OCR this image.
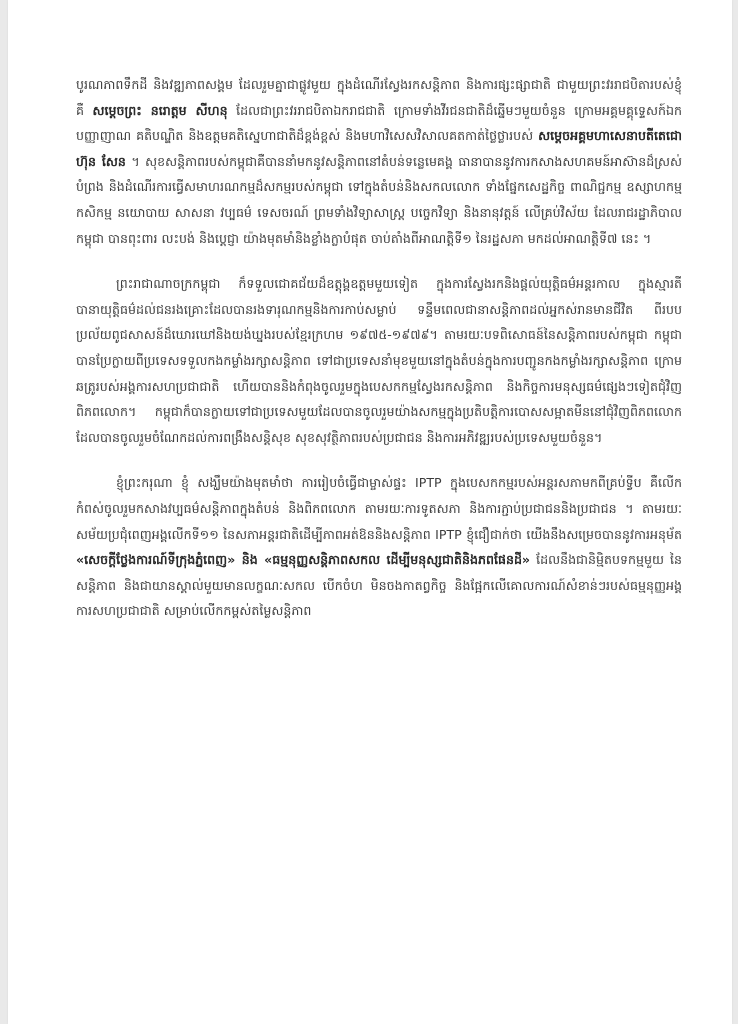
បូរណភាពទឹកដី និងវឌ្ឍភាពសង្គម ដែលរួមគ្នាជាផ្លូវមួយ ក្នុងដំណើរស្វែងរកសន្តិភាព និងការផ្សះផ្សាជាតិ ជាមួយព្រះវររាជបិតារបស់ខ្ញុំ គឺ សម្តេចព្រះ នរោត្តម សីហនុ ដែលជាព្រះវររាជបិតាឯករាជជាតិ ក្រោមទាំងវីរជនជាតិដ៏ឆ្នើមៗមួយចំនួន ក្រោមអគ្គមគ្គុទ្ទេសក៍ឯកបញ្ញាញាណ គតិបណ្ឌិត និងឧត្តមគតិស្នេហាជាតិដ៏ខ្ពង់ខ្ពស់ និងមហាវិសេសវិសាលគតកាត់ថ្លៃថ្លារបស់ សម្តេចអគ្គមហាសេនាបតីតេជោ ហ៊ុន សែន ។ សុខសន្តិភាពរបស់កម្ពុជាគឺបាននាំមកនូវសន្តិភាពនៅតំបន់ទន្លេមេគង្គ ធានាបាននូវការកសាងសហគមន៍អាស៊ានដ៏ស្រស់បំព្រង និងដំណើរការធ្វើសមាហរណកម្មដ៏សកម្មរបស់កម្ពុជា ទៅក្នុងតំបន់និងសកលលោក ទាំងផ្នែកសេដ្ឋកិច្ច ពាណិជ្ជកម្ម ឧស្សាហកម្ម កសិកម្ម នយោបាយ សាសនា វប្បធម៌ ទេសចរណ៍ ព្រមទាំងវិទ្យាសាស្ត្រ បច្ចេកវិទ្យា និងនានុវត្តន៍ លើគ្រប់វិស័យ ដែលរាជរដ្ឋាភិបាលកម្ពុជា បានពុះពារ លះបង់ និងប្តេជ្ញា យ៉ាងមុតមាំនិងខ្លាំងក្លាបំផុត ចាប់តាំងពីអាណត្តិទី១ នៃរដ្ឋសភា មកដល់អាណត្តិទី៧ នេះ ។

ព្រះរាជាណាចក្រកម្ពុជា ក៏ទទួលជោគជ័យដ៏ឧត្តុង្គឧត្តមមួយទៀត ក្នុងការស្វែងរកនិងផ្តល់យុត្តិធម៌អន្តរកាល ក្នុងស្មារតីបានាយុត្តិធម៌ដល់ជនរងគ្រោះដែលបានរងទារុណកម្មនិងការកាប់សម្លាប់ ទន្ទឹមពេលជានាសន្តិភាពដល់អ្នកស់រានមានជីវិត ពីរបបប្រល័យពូជសាសន៍ដ៏ឃោរឃៅនិងយង់ឃ្នងរបស់ខ្មែរក្រហម ១៩៧៥-១៩៧៩។ តាមរយៈបទពិសោធន៍នៃសន្តិភាពរបស់កម្ពុជា កម្ពុជាបានប្រែក្លាយពីប្រទេសទទួលកងកម្លាំងរក្សាសន្តិភាព ទៅជាប្រទេសនាំមុខមួយនៅក្នុងតំបន់ក្នុងការបញ្ជូនកងកម្លាំងរក្សាសន្តិភាព ក្រោមឆត្រូរបស់អង្គការសហប្រជាជាតិ ហើយបាននិងកំពុងចូលរួមក្នុងបេសកកម្មស្វែងរកសន្តិភាព និងកិច្ចការមនុស្សធម៌ផ្សេងៗទៀតជុំវិញពិភពលោក។ កម្ពុជាក៏បានក្លាយទៅជាប្រទេសមួយដែលបានចូលរួមយ៉ាងសកម្មក្នុងប្រតិបត្តិការបោសសម្អាតមីននៅជុំវិញពិភពលោក ដែលបានចូលរួមចំណែកដល់ការពង្រឹងសន្តិសុខ សុខសុវត្ថិភាពរបស់ប្រជាជន និងការអភិវឌ្ឍរបស់ប្រទេសមួយចំនួន។

ខ្ញុំព្រះករុណា ខ្ញុំ សង្ឃឹមយ៉ាងមុតមាំថា ការរៀបចំធ្វើជាម្ចាស់ផ្ទះ IPTP ក្នុងបេសកកម្មរបស់អន្តរសភាមកពីគ្រប់ទ្វីប គឺលើកកំពស់ចូលរួមកសាងវប្បធម៌សន្តិភាពក្នុងតំបន់ និងពិភពលោក តាមរយៈការទូតសភា និងការភ្ជាប់ប្រជាជននិងប្រជាជន ។ តាមរយៈសម័យប្រជុំពេញអង្គលើកទី១១ នៃសភាអន្តរជាតិដើម្បីភាពអត់ឱននិងសន្តិភាព IPTP ខ្ញុំជឿជាក់ថា យើងនឹងសម្រេចបាននូវការអនុម័ត «សេចក្តីថ្លែងការណ៍ទីក្រុងភ្នំពេញ» និង «ធម្មនុញ្ញសន្តិភាពសកល ដើម្បីមនុស្សជាតិនិងភពផែនដី» ដែលនឹងជានិម្មិតបទកម្មមួយ នៃសន្តិភាព និងជាយានស្គាល់មួយមានលក្ខណៈសកល បើកចំហ មិនចងកាតព្វកិច្ច និងផ្អែកលើគោលការណ៍សំខាន់ៗរបស់ធម្មនុញ្ញអង្គការសហប្រជាជាតិ សម្រាប់លើកកម្ពស់តម្លៃសន្តិភាព
